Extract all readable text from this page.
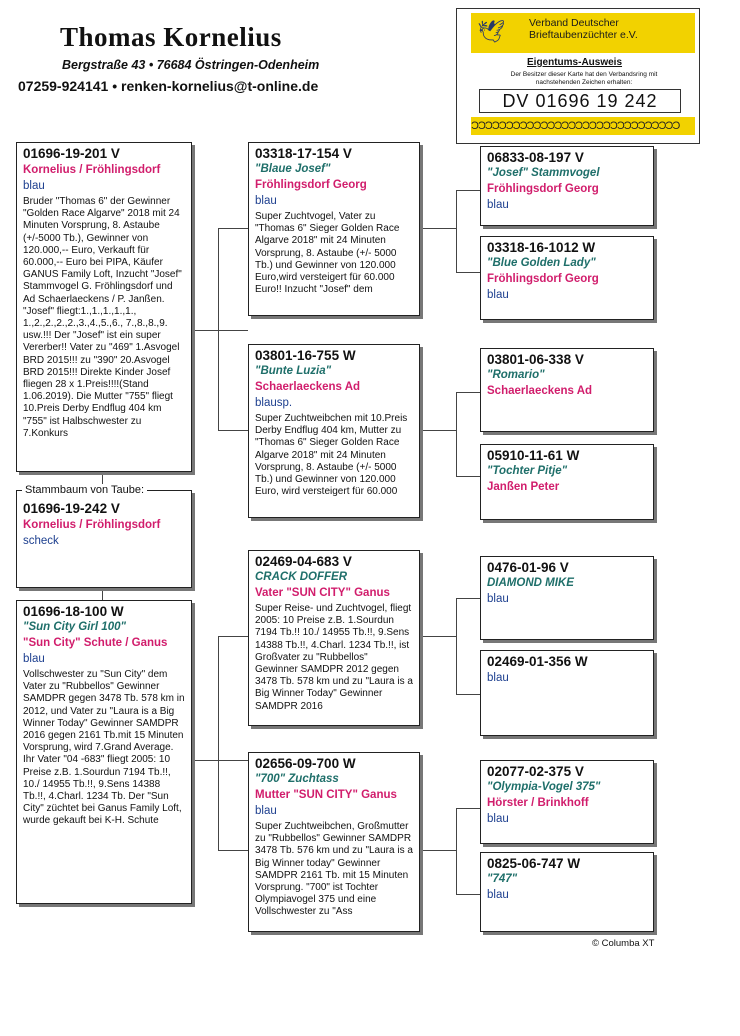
Thomas Kornelius
Bergstraße 43 • 76684 Östringen-Odenheim
07259-924141 • renken-kornelius@t-online.de
🕊 Verband Deutscher
Brieftaubenzüchter e.V.
Eigentums-Ausweis
Der Besitzer dieser Karte hat den Verbandsring mit nachstehenden Zeichen erhalten:
DV 01696 19 242
ƆƆƆƆƆƆƆƆƆƆƆƆƆƆƆƆƆƆƆƆƆƆƆƆƆƆƆƆƆƆ
01696-19-201 V
Kornelius / Fröhlingsdorf
blau
Bruder "Thomas 6" der Gewinner "Golden Race Algarve" 2018 mit 24 Minuten Vorsprung, 8. Astaube (+/-5000 Tb.), Gewinner von 120.000,-- Euro, Verkauft für 60.000,-- Euro bei PIPA, Käufer GANUS Family Loft, Inzucht "Josef" Stammvogel G. Fröhlingsdorf und Ad Schaerlaeckens / P. Janßen. "Josef" fliegt:1.,1.,1.,1.,1., 1.,2.,2.,2.,2.,3.,4.,5.,6., 7.,8.,8.,9. usw.!!! Der "Josef" ist ein super Vererber!! Vater zu "469" 1.Asvogel BRD 2015!!! zu "390" 20.Asvogel BRD 2015!!! Direkte Kinder Josef fliegen 28 x 1.Preis!!!!(Stand 1.06.2019). Die Mutter "755" fliegt 10.Preis Derby Endflug 404 km "755" ist Halbschwester zu 7.Konkurs
01696-19-242 V
Kornelius / Fröhlingsdorf
scheck
Stammbaum von Taube:
01696-18-100 W
"Sun City Girl 100"
"Sun City" Schute / Ganus
blau
Vollschwester zu "Sun City" dem Vater zu "Rubbellos" Gewinner SAMDPR gegen 3478 Tb. 578 km in 2012, und Vater zu "Laura is a Big Winner Today" Gewinner SAMDPR 2016 gegen 2161 Tb.mit 15 Minuten Vorsprung, wird 7.Grand Average. Ihr Vater "04 -683" fliegt 2005: 10 Preise z.B. 1.Sourdun 7194 Tb.!!, 10./ 14955 Tb.!!, 9.Sens 14388 Tb.!!, 4.Charl. 1234 Tb. Der "Sun City" züchtet bei Ganus Family Loft, wurde gekauft bei K-H. Schute
03318-17-154 V
"Blaue Josef"
Fröhlingsdorf Georg
blau
Super Zuchtvogel, Vater zu "Thomas 6" Sieger Golden Race Algarve 2018" mit 24 Minuten Vorsprung, 8. Astaube (+/- 5000 Tb.) und Gewinner von 120.000 Euro,wird versteigert für 60.000 Euro!! Inzucht "Josef" dem
03801-16-755 W
"Bunte Luzia"
Schaerlaeckens Ad
blausp.
Super Zuchtweibchen mit 10.Preis Derby Endflug 404 km, Mutter zu "Thomas 6" Sieger Golden Race Algarve 2018" mit 24 Minuten Vorsprung, 8. Astaube (+/- 5000 Tb.) und Gewinner von 120.000 Euro, wird versteigert für 60.000
02469-04-683 V
CRACK DOFFER
Vater "SUN CITY" Ganus
Super Reise- und Zuchtvogel, fliegt 2005: 10 Preise z.B. 1.Sourdun 7194 Tb.!! 10./ 14955 Tb.!!, 9.Sens 14388 Tb.!!, 4.Charl. 1234 Tb.!!, ist Großvater zu "Rubbellos" Gewinner SAMDPR 2012 gegen 3478 Tb. 578 km und zu "Laura is a Big Winner Today" Gewinner SAMDPR 2016
02656-09-700 W
"700" Zuchtass
Mutter "SUN CITY" Ganus
blau
Super Zuchtweibchen, Großmutter zu "Rubbellos" Gewinner SAMDPR 3478 Tb. 576 km und zu "Laura is a Big Winner today" Gewinner SAMDPR 2161 Tb. mit 15 Minuten Vorsprung. "700" ist Tochter Olympiavogel 375 und eine Vollschwester zu "Ass
06833-08-197 V
"Josef" Stammvogel
Fröhlingsdorf Georg
blau
03318-16-1012 W
"Blue Golden Lady"
Fröhlingsdorf Georg
blau
03801-06-338 V
"Romario"
Schaerlaeckens Ad
05910-11-61 W
"Tochter Pitje"
Janßen Peter
0476-01-96 V
DIAMOND MIKE
blau
02469-01-356 W
blau
02077-02-375 V
"Olympia-Vogel 375"
Hörster / Brinkhoff
blau
0825-06-747 W
"747"
blau
© Columba XT
